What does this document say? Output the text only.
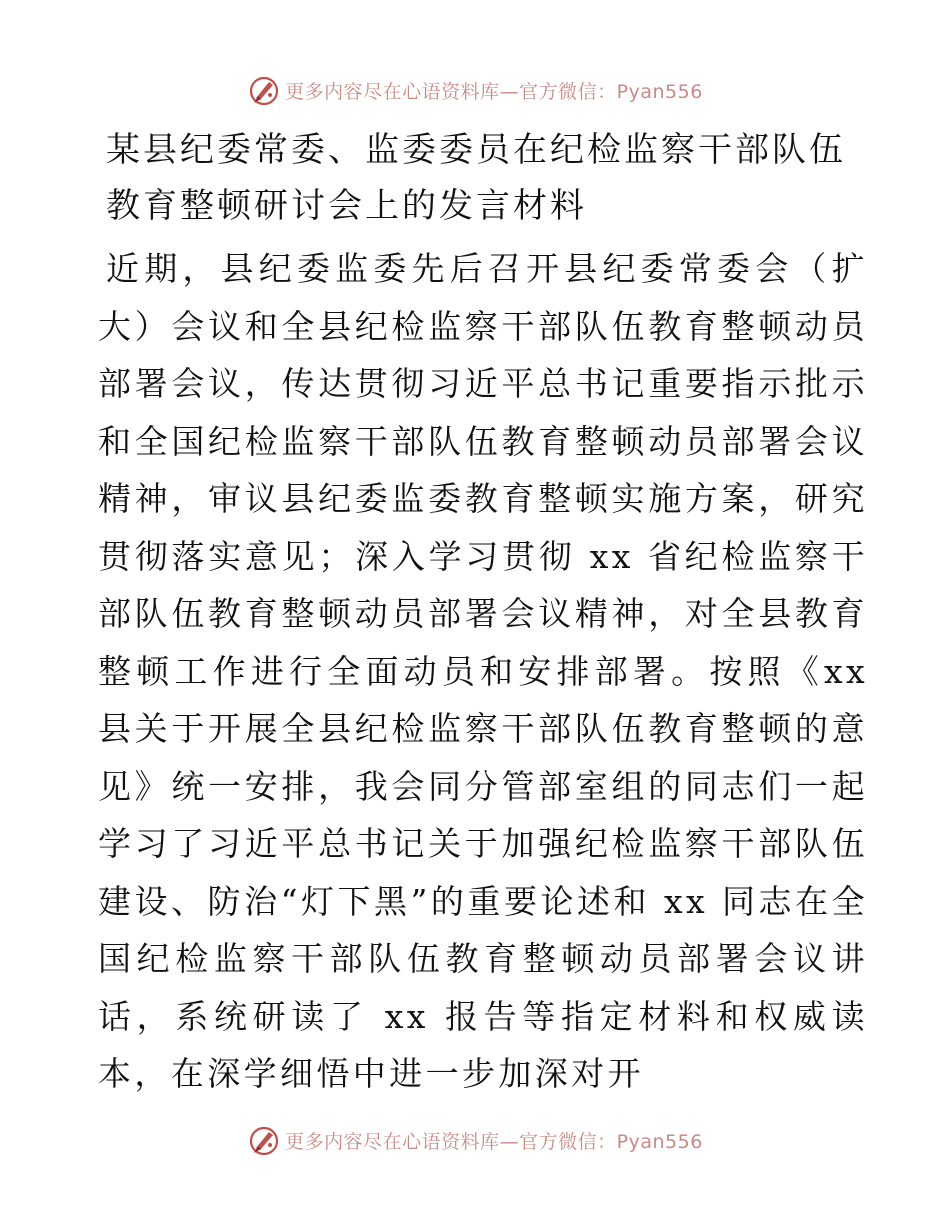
更多内容尽在心语资料库—官方微信：Pyan556
某县纪委常委、监委委员在纪检监察干部队伍教育整顿研讨会上的发言材料

近期，县纪委监委先后召开县纪委常委会（扩大）会议和全县纪检监察干部队伍教育整顿动员部署会议，传达贯彻习近平总书记重要指示批示和全国纪检监察干部队伍教育整顿动员部署会议精神，审议县纪委监委教育整顿实施方案，研究贯彻落实意见；深入学习贯彻 xx 省纪检监察干部队伍教育整顿动员部署会议精神，对全县教育整顿工作进行全面动员和安排部署。按照《xx 县关于开展全县纪检监察干部队伍教育整顿的意见》统一安排，我会同分管部室组的同志们一起学习了习近平总书记关于加强纪检监察干部队伍建设、防治“灯下黑”的重要论述和 xx 同志在全国纪检监察干部队伍教育整顿动员部署会议讲话，系统研读了 xx 报告等指定材料和权威读本，在深学细悟中进一步加深对开

更多内容尽在心语资料库—官方微信：Pyan556
